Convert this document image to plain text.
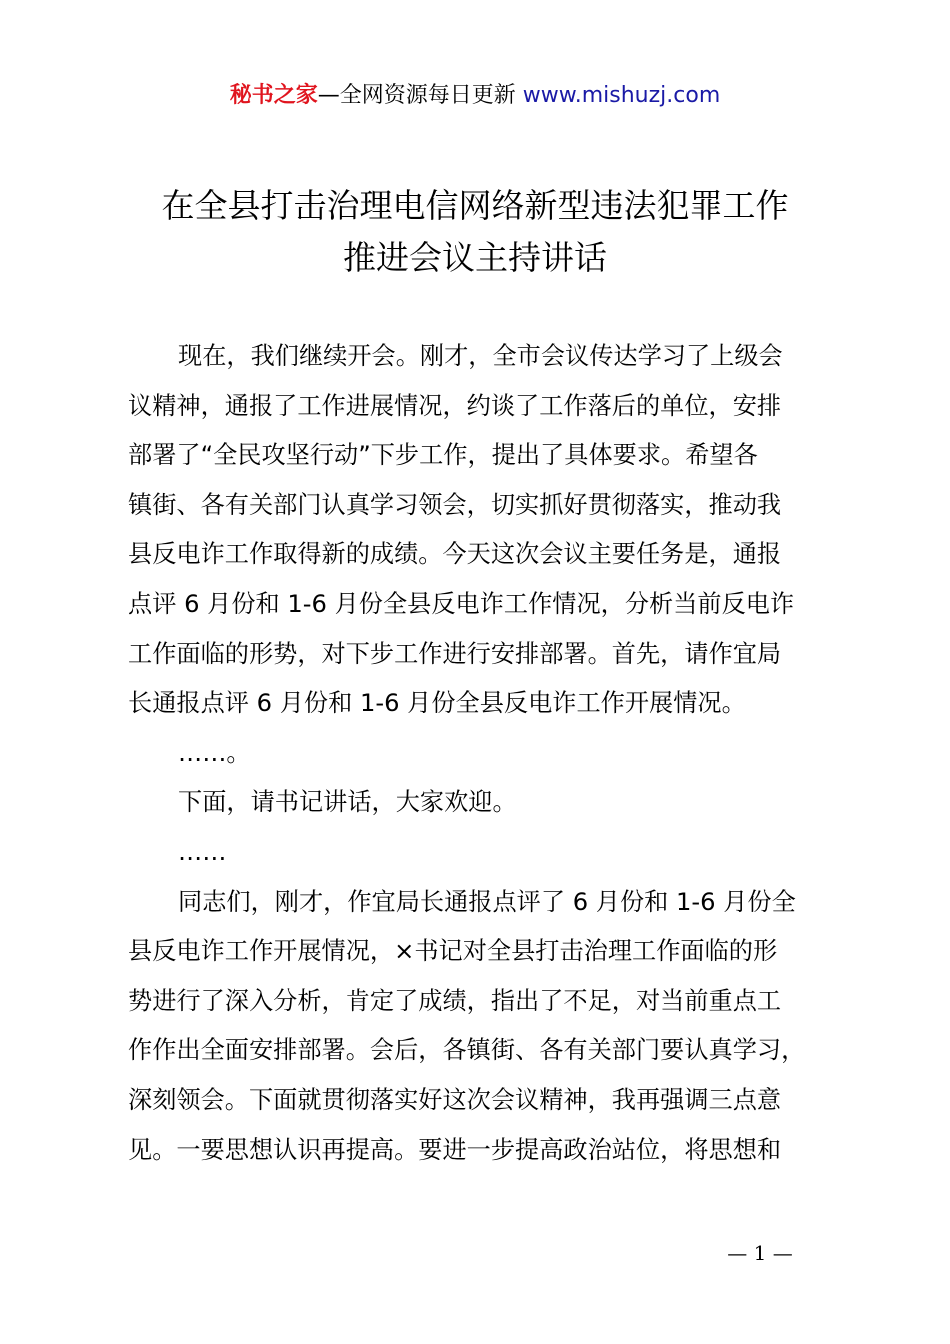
秘书之家—全网资源每日更新 www.mishuzj.com
在全县打击治理电信网络新型违法犯罪工作
推进会议主持讲话
现在，我们继续开会。刚才，全市会议传达学习了上级会
议精神，通报了工作进展情况，约谈了工作落后的单位，安排
部署了“全民攻坚行动”下步工作，提出了具体要求。希望各
镇街、各有关部门认真学习领会，切实抓好贯彻落实，推动我
县反电诈工作取得新的成绩。今天这次会议主要任务是，通报
点评 6 月份和 1-6 月份全县反电诈工作情况，分析当前反电诈
工作面临的形势，对下步工作进行安排部署。首先，请作宜局
长通报点评 6 月份和 1-6 月份全县反电诈工作开展情况。
……。
下面，请书记讲话，大家欢迎。
……
同志们，刚才，作宜局长通报点评了 6 月份和 1-6 月份全
县反电诈工作开展情况，×书记对全县打击治理工作面临的形
势进行了深入分析，肯定了成绩，指出了不足，对当前重点工
作作出全面安排部署。会后，各镇街、各有关部门要认真学习，
深刻领会。下面就贯彻落实好这次会议精神，我再强调三点意
见。一要思想认识再提高。要进一步提高政治站位，将思想和
— 1 —
